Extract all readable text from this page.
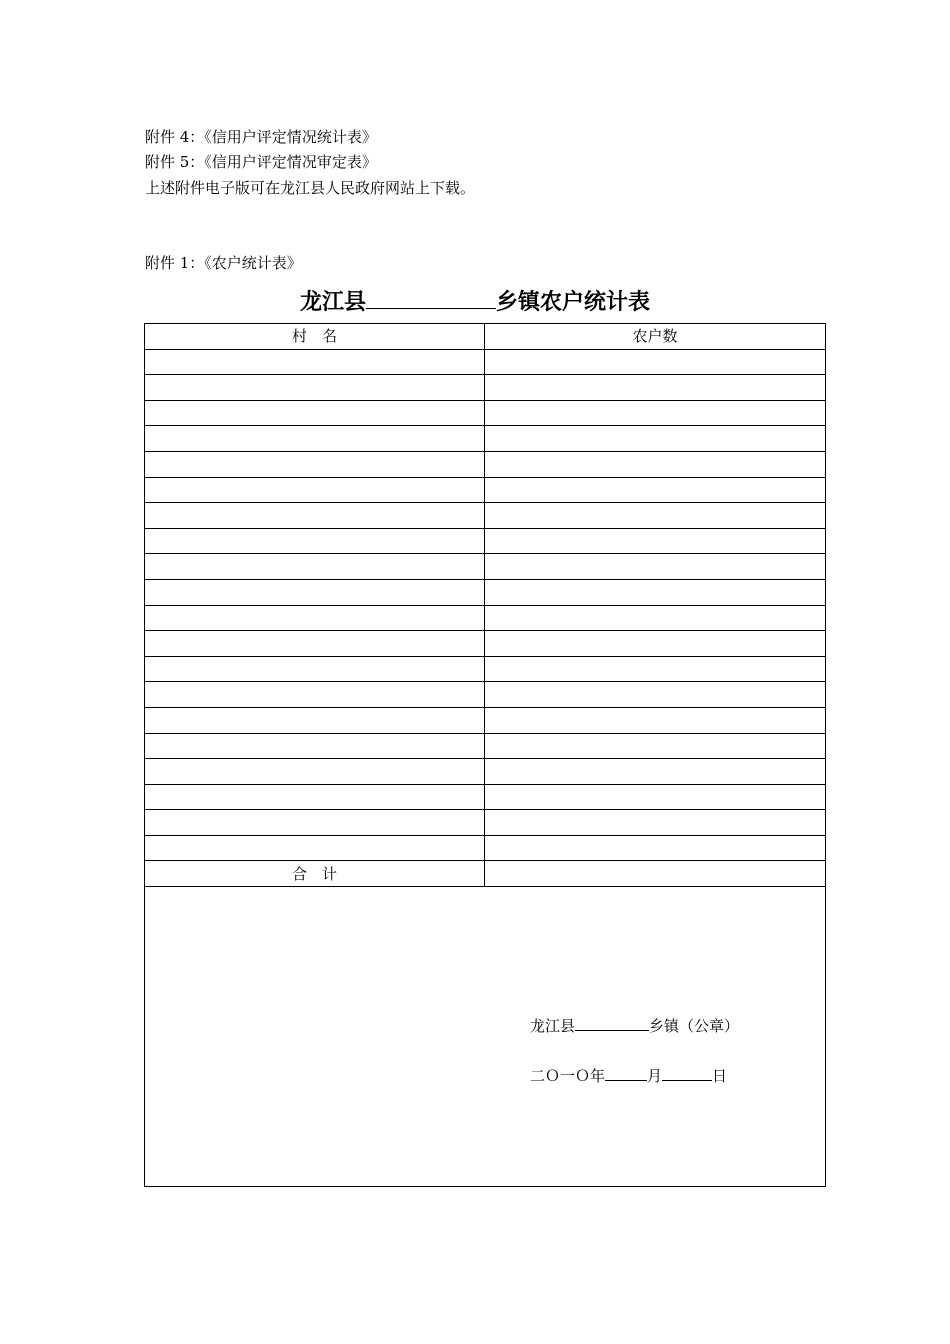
附件 4：《信用户评定情况统计表》
附件 5：《信用户评定情况审定表》
上述附件电子版可在龙江县人民政府网站上下载。
附件 1：《农户统计表》
龙江县	乡镇农户统计表
村　名	农户数

合　计	

龙江县 乡镇（公章）
二Ｏ一Ｏ年 月 日	
